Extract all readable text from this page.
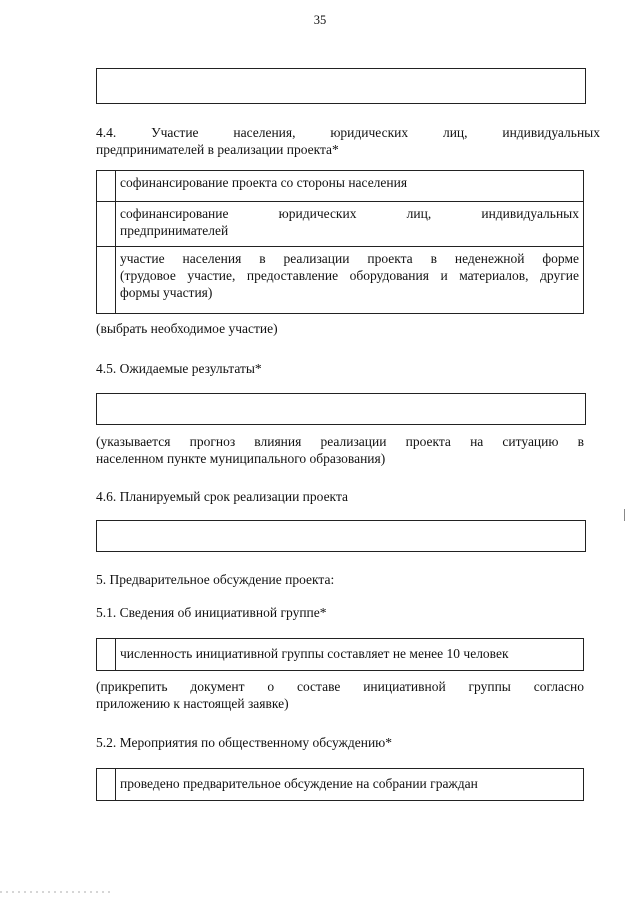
35
4.4. Участие населения, юридических лиц, индивидуальных
предпринимателей в реализации проекта*

	софинансирование проекта со стороны населения

	софинансирование юридических лиц, индивидуальных
предпринимателей

	участие населения в реализации проекта в неденежной форме
(трудовое участие, предоставление оборудования и материалов, другие
формы участия)
(выбрать необходимое участие)
4.5. Ожидаемые результаты*
(указывается прогноз влияния реализации проекта на ситуацию в
населенном пункте муниципального образования)
4.6. Планируемый срок реализации проекта
5. Предварительное обсуждение проекта:
5.1. Сведения об инициативной группе*

численность инициативной группы составляет не менее 10 человек
(прикрепить документ о составе инициативной группы согласно
приложению к настоящей заявке)
5.2. Мероприятия по общественному обсуждению*

проведено предварительное обсуждение на собрании граждан
